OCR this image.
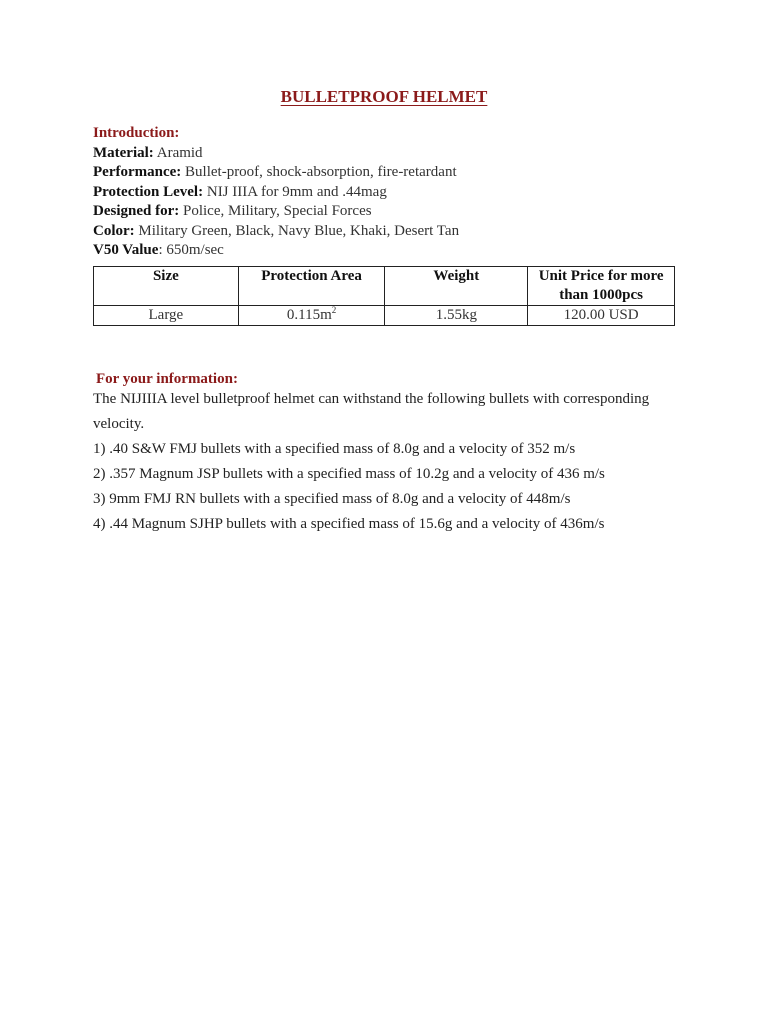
BULLETPROOF HELMET
Introduction:
Material: Aramid
Performance: Bullet-proof, shock-absorption, fire-retardant
Protection Level: NIJ IIIA for 9mm and .44mag
Designed for: Police, Military, Special Forces
Color: Military Green, Black, Navy Blue, Khaki, Desert Tan
V50 Value: 650m/sec
Size	Protection Area	Weight	Unit Price for more than 1000pcs
Large	$0.115m^2$	1.55kg	120.00 USD
For your information:

The NIJIIIA level bulletproof helmet can withstand the following bullets with corresponding velocity.

1) .40 S&W FMJ bullets with a specified mass of 8.0g and a velocity of 352 m/s

2) .357 Magnum JSP bullets with a specified mass of 10.2g and a velocity of 436 m/s

3) 9mm FMJ RN bullets with a specified mass of 8.0g and a velocity of 448m/s

4) .44 Magnum SJHP bullets with a specified mass of 15.6g and a velocity of 436m/s
